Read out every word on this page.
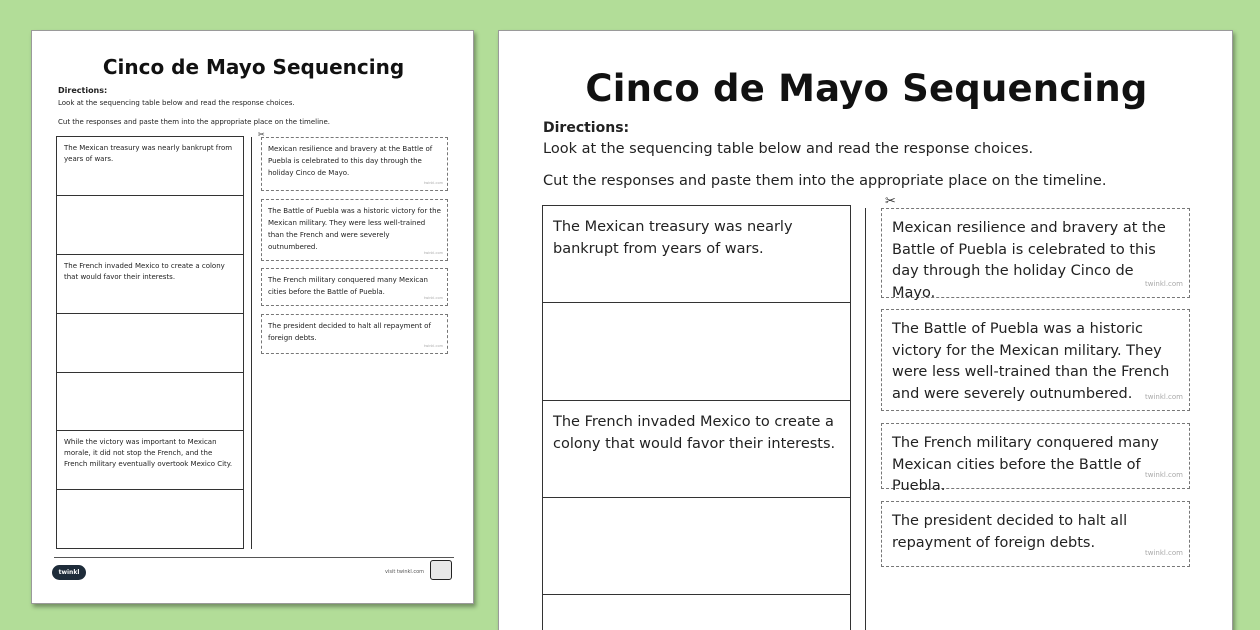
Cinco de Mayo Sequencing
Directions:
Look at the sequencing table below and read the response choices.
Cut the responses and paste them into the appropriate place on the timeline.
The Mexican treasury was nearly bankrupt from years of wars.
The French invaded Mexico to create a colony that would favor their interests.
While the victory was important to Mexican morale, it did not stop the French, and the French military eventually overtook Mexico City.
✂
Mexican resilience and bravery at the Battle of Puebla is celebrated to this day through the holiday Cinco de Mayo.
twinkl.com
The Battle of Puebla was a historic victory for the Mexican military. They were less well-trained than the French and were severely outnumbered.
twinkl.com
The French military conquered many Mexican cities before the Battle of Puebla.
twinkl.com
The president decided to halt all repayment of foreign debts.
twinkl.com
twinkl	visit twinkl.com
Cinco de Mayo Sequencing
Directions:
Look at the sequencing table below and read the response choices.
Cut the responses and paste them into the appropriate place on the timeline.
The Mexican treasury was nearly bankrupt from years of wars.
The French invaded Mexico to create a colony that would favor their interests.
✂
Mexican resilience and bravery at the Battle of Puebla is celebrated to this day through the holiday Cinco de Mayo.
twinkl.com
The Battle of Puebla was a historic victory for the Mexican military. They were less well-trained than the French and were severely outnumbered. twinkl.com
The French military conquered many Mexican cities before the Battle of Puebla.
twinkl.com
The president decided to halt all repayment of foreign debts.
twinkl.com
